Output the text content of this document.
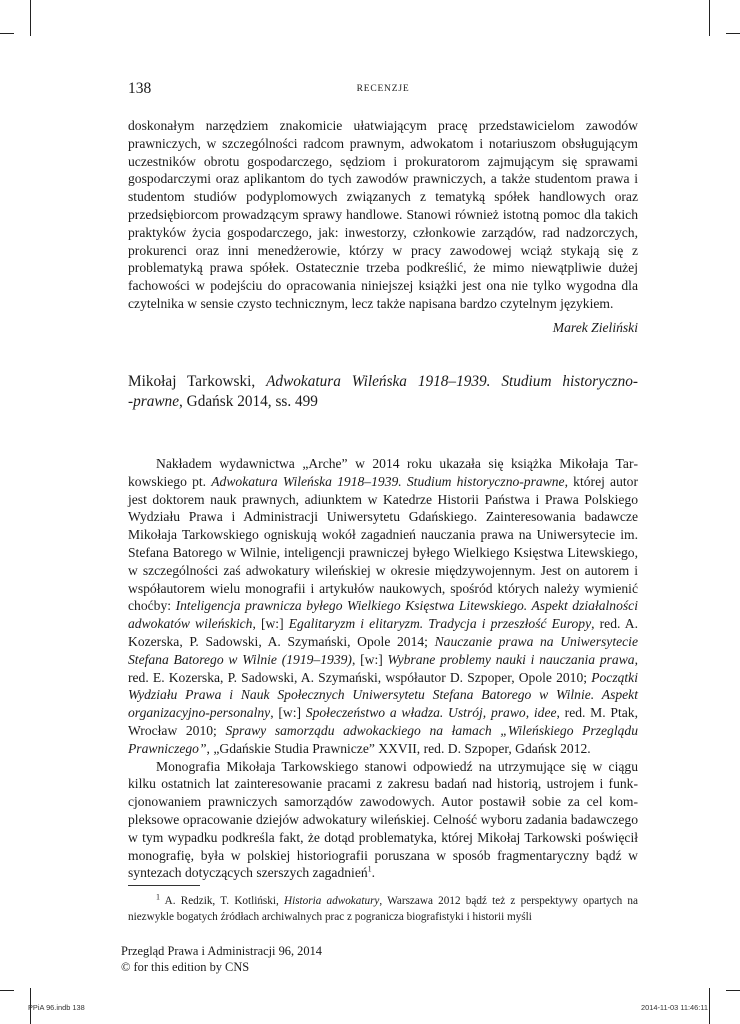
138	RECENZJE

doskonałym narzędziem znakomicie ułatwiającym pracę przedstawicielom zawodów prawniczych, w szczególności radcom prawnym, adwokatom i notariuszom obsługującym uczestników obrotu gospodarczego, sędziom i prokuratorom zajmującym się sprawami gospodarczymi oraz aplikantom do tych zawodów prawniczych, a także studentom prawa i studentom studiów podyplomowych związanych z tematyką spółek handlowych oraz przedsiębiorcom prowadzącym sprawy handlowe. Stanowi również istotną pomoc dla takich praktyków życia gospodarczego, jak: inwestorzy, członkowie zarządów, rad nadzorczych, prokurenci oraz inni menedżerowie, którzy w pracy zawodowej wciąż stykają się z problematyką prawa spółek. Ostatecznie trzeba podkreślić, że mimo niewątpliwie dużej fachowości w podejściu do opracowania niniejszej książki jest ona nie tylko wygodna dla czytelnika w sensie czysto technicznym, lecz także napisana bardzo czytelnym językiem.

Marek Zieliński
Mikołaj Tarkowski, Adwokatura Wileńska 1918–1939. Studium historyczno-
-prawne, Gdańsk 2014, ss. 499

Nakładem wydawnictwa „Arche” w 2014 roku ukazała się książka Mikołaja Tarkowskiego pt. Adwokatura Wileńska 1918–1939. Studium historyczno-prawne, której autor jest doktorem nauk prawnych, adiunktem w Katedrze Historii Państwa i Prawa Polskiego Wydziału Prawa i Administracji Uniwersytetu Gdańskiego. Zainteresowania badawcze Mikołaja Tarkowskiego ogniskują wokół zagadnień nauczania prawa na Uniwersytecie im. Stefana Batorego w Wilnie, inteligencji prawniczej byłego Wielkiego Księstwa Litewskiego, w szczególności zaś adwokatury wileńskiej w okresie międzywojennym. Jest on autorem i współautorem wielu monografii i artykułów naukowych, spośród których należy wymienić choćby: Inteligencja prawnicza byłego Wielkiego Księstwa Litewskiego. Aspekt działalności adwokatów wileńskich, [w:] Egalitaryzm i elitaryzm. Tradycja i przeszłość Europy, red. A. Kozerska, P. Sadowski, A. Szymański, Opole 2014; Nauczanie prawa na Uniwersytecie Stefana Batorego w Wilnie (1919–1939), [w:] Wybrane problemy nauki i nauczania prawa, red. E. Kozerska, P. Sadowski, A. Szymański, współautor D. Szpoper, Opole 2010; Początki Wydziału Prawa i Nauk Społecznych Uniwersytetu Stefana Batorego w Wilnie. Aspekt organizacyjno-personalny, [w:] Społeczeństwo a władza. Ustrój, prawo, idee, red. M. Ptak, Wrocław 2010; Sprawy samorządu adwokackiego na łamach „Wileńskiego Przeglądu Prawniczego”, „Gdańskie Studia Prawnicze” XXVII, red. D. Szpoper, Gdańsk 2012.

Monografia Mikołaja Tarkowskiego stanowi odpowiedź na utrzymujące się w ciągu kilku ostatnich lat zainteresowanie pracami z zakresu badań nad historią, ustrojem i funkcjonowaniem prawniczych samorządów zawodowych. Autor postawił sobie za cel kompleksowe opracowanie dziejów adwokatury wileńskiej. Celność wyboru zadania badawczego w tym wypadku podkreśla fakt, że dotąd problematyka, której Mikołaj Tarkowski poświęcił monografię, była w polskiej historiografii poruszana w sposób fragmentaryczny bądź w syntezach dotyczących szerszych zagadnień$^1$.

$^1$ A. Redzik, T. Kotliński, Historia adwokatury, Warszawa 2012 bądź też z perspektywy opartych na niezwykle bogatych źródłach archiwalnych prac z pogranicza biografistyki i historii myśli
Przegląd Prawa i Administracji 96, 2014
© for this edition by CNS
PPiA 96.indb 138	2014-11-03 11:46:11
